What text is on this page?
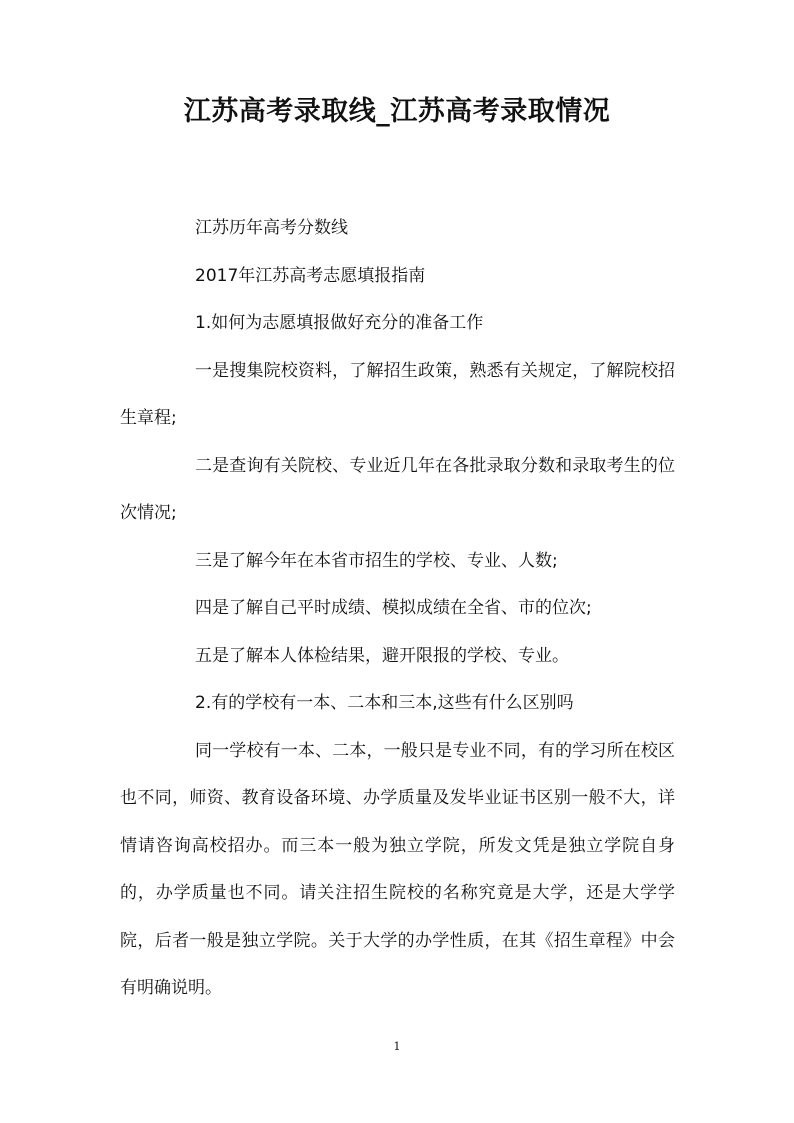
江苏高考录取线_江苏高考录取情况

江苏历年高考分数线

2017年江苏高考志愿填报指南

1.如何为志愿填报做好充分的准备工作

一是搜集院校资料，了解招生政策，熟悉有关规定，了解院校招生章程;

二是查询有关院校、专业近几年在各批录取分数和录取考生的位次情况;

三是了解今年在本省市招生的学校、专业、人数;

四是了解自己平时成绩、模拟成绩在全省、市的位次;

五是了解本人体检结果，避开限报的学校、专业。

2.有的学校有一本、二本和三本,这些有什么区别吗

同一学校有一本、二本，一般只是专业不同，有的学习所在校区也不同，师资、教育设备环境、办学质量及发毕业证书区别一般不大，详情请咨询高校招办。而三本一般为独立学院，所发文凭是独立学院自身的，办学质量也不同。请关注招生院校的名称究竟是大学，还是大学学院，后者一般是独立学院。关于大学的办学性质，在其《招生章程》中会有明确说明。

1
